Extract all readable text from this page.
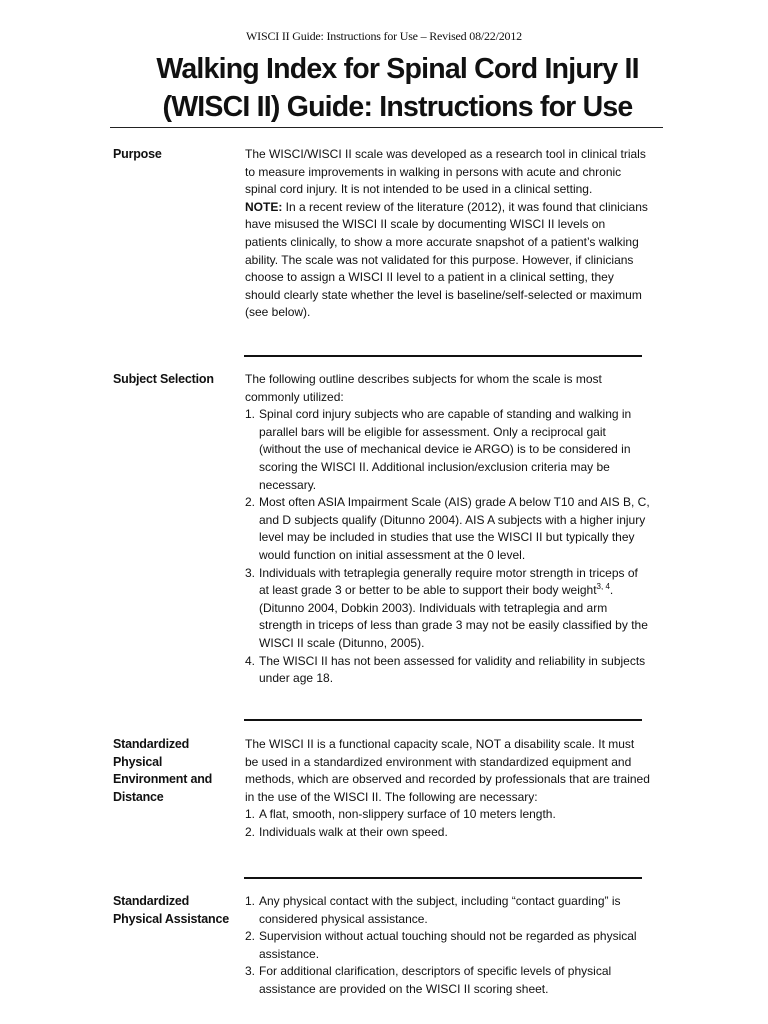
WISCI II Guide: Instructions for Use – Revised 08/22/2012
Walking Index for Spinal Cord Injury II
(WISCI II) Guide: Instructions for Use
Purpose	The WISCI/WISCI II scale was developed as a research tool in clinical trials to measure improvements in walking in persons with acute and chronic spinal cord injury. It is not intended to be used in a clinical setting.

NOTE: In a recent review of the literature (2012), it was found that clinicians have misused the WISCI II scale by documenting WISCI II levels on patients clinically, to show a more accurate snapshot of a patient’s walking ability. The scale was not validated for this purpose. However, if clinicians choose to assign a WISCI II level to a patient in a clinical setting, they should clearly state whether the level is baseline/self-selected or maximum (see below).

Subject Selection	The following outline describes subjects for whom the scale is most commonly utilized:

1. Spinal cord injury subjects who are capable of standing and walking in parallel bars will be eligible for assessment. Only a reciprocal gait (without the use of mechanical device ie ARGO) is to be considered in scoring the WISCI II. Additional inclusion/exclusion criteria may be necessary.
2. Most often ASIA Impairment Scale (AIS) grade A below T10 and AIS B, C, and D subjects qualify (Ditunno 2004). AIS A subjects with a higher injury level may be included in studies that use the WISCI II but typically they would function on initial assessment at the 0 level.
3. Individuals with tetraplegia generally require motor strength in triceps of at least grade 3 or better to be able to support their body weight$^{3, 4}$. (Ditunno 2004, Dobkin 2003). Individuals with tetraplegia and arm strength in triceps of less than grade 3 may not be easily classified by the WISCI II scale (Ditunno, 2005).
4. The WISCI II has not been assessed for validity and reliability in subjects under age 18.
Standardized Physical Environment and Distance

The WISCI II is a functional capacity scale, NOT a disability scale. It must be used in a standardized environment with standardized equipment and methods, which are observed and recorded by professionals that are trained in the use of the WISCI II. The following are necessary:

1. A flat, smooth, non-slippery surface of 10 meters length.
2. Individuals walk at their own speed.
Standardized Physical Assistance
1. Any physical contact with the subject, including “contact guarding” is considered physical assistance.
2. Supervision without actual touching should not be regarded as physical assistance.
3. For additional clarification, descriptors of specific levels of physical assistance are provided on the WISCI II scoring sheet.
